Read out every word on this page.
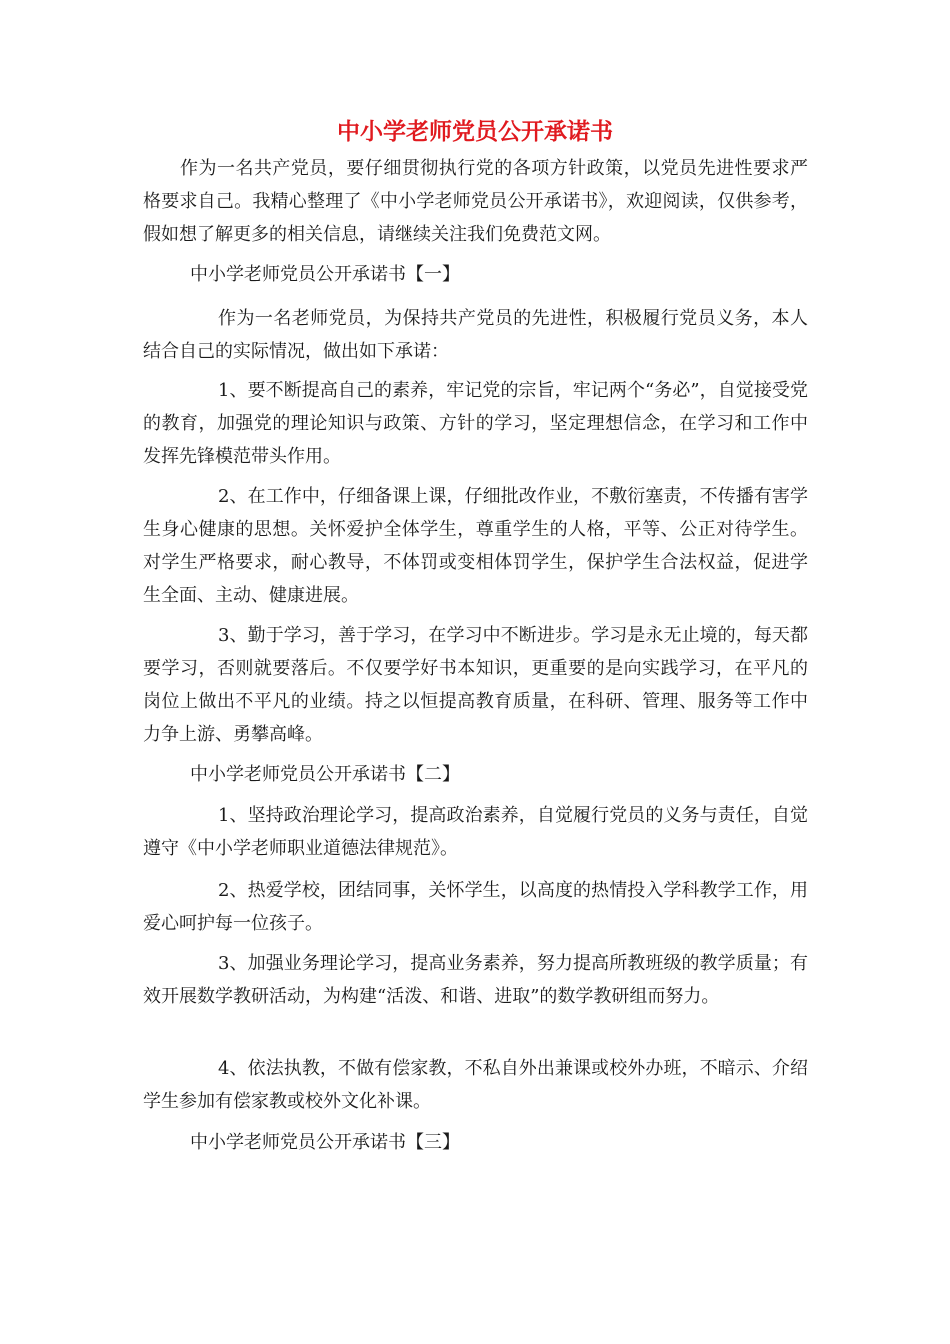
中小学老师党员公开承诺书

作为一名共产党员，要仔细贯彻执行党的各项方针政策，以党员先进性要求严格要求自己。我精心整理了《中小学老师党员公开承诺书》，欢迎阅读，仅供参考，假如想了解更多的相关信息，请继续关注我们免费范文网。

中小学老师党员公开承诺书【一】

作为一名老师党员，为保持共产党员的先进性，积极履行党员义务，本人结合自己的实际情况，做出如下承诺：

1、要不断提高自己的素养，牢记党的宗旨，牢记两个“务必”，自觉接受党的教育，加强党的理论知识与政策、方针的学习，坚定理想信念，在学习和工作中发挥先锋模范带头作用。

2、在工作中，仔细备课上课，仔细批改作业，不敷衍塞责，不传播有害学生身心健康的思想。关怀爱护全体学生，尊重学生的人格，平等、公正对待学生。对学生严格要求，耐心教导，不体罚或变相体罚学生，保护学生合法权益，促进学生全面、主动、健康进展。

3、勤于学习，善于学习，在学习中不断进步。学习是永无止境的，每天都要学习，否则就要落后。不仅要学好书本知识，更重要的是向实践学习，在平凡的岗位上做出不平凡的业绩。持之以恒提高教育质量，在科研、管理、服务等工作中力争上游、勇攀高峰。

中小学老师党员公开承诺书【二】

1、坚持政治理论学习，提高政治素养，自觉履行党员的义务与责任，自觉遵守《中小学老师职业道德法律规范》。

2、热爱学校，团结同事，关怀学生，以高度的热情投入学科教学工作，用爱心呵护每一位孩子。

3、加强业务理论学习，提高业务素养，努力提高所教班级的教学质量；有效开展数学教研活动，为构建“活泼、和谐、进取”的数学教研组而努力。

4、依法执教，不做有偿家教，不私自外出兼课或校外办班，不暗示、介绍学生参加有偿家教或校外文化补课。

中小学老师党员公开承诺书【三】
